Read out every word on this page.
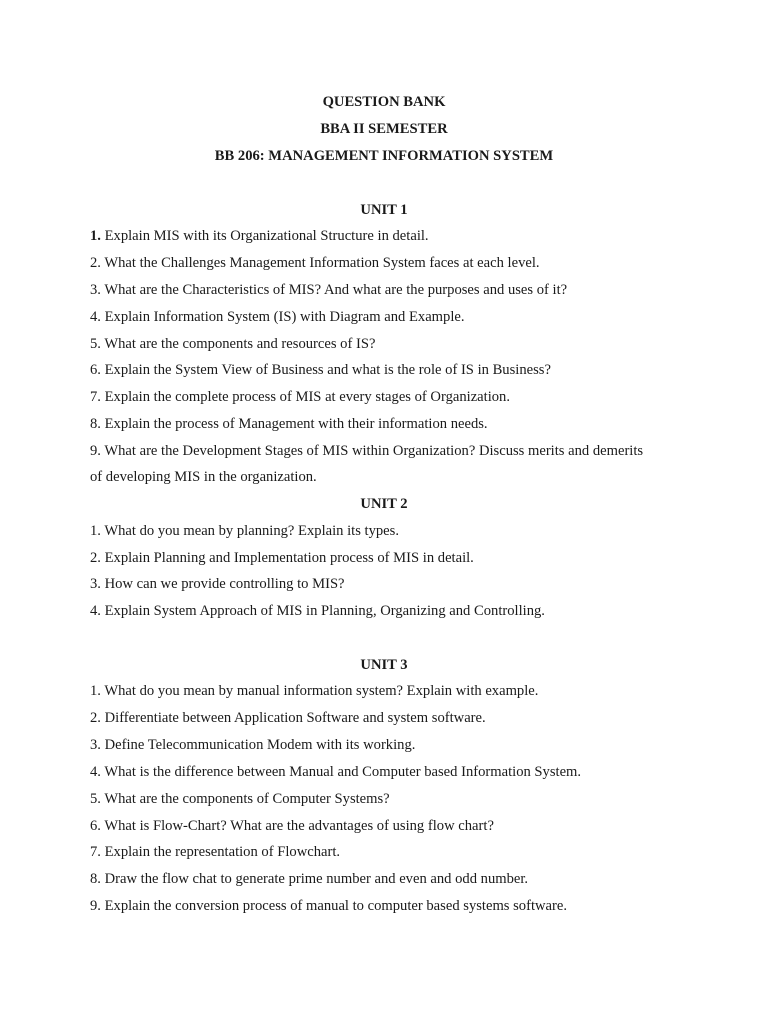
QUESTION BANK
BBA II SEMESTER
BB 206: MANAGEMENT INFORMATION SYSTEM
UNIT 1
1. Explain MIS with its Organizational Structure in detail.
2. What the Challenges Management Information System faces at each level.
3. What are the Characteristics of MIS? And what are the purposes and uses of it?
4. Explain Information System (IS) with Diagram and Example.
5. What are the components and resources of IS?
6. Explain the System View of Business and what is the role of IS in Business?
7. Explain the complete process of MIS at every stages of Organization.
8. Explain the process of Management with their information needs.
9. What are the Development Stages of MIS within Organization? Discuss merits and demerits
of developing MIS in the organization.
UNIT 2
1. What do you mean by planning? Explain its types.
2. Explain Planning and Implementation process of MIS in detail.
3. How can we provide controlling to MIS?
4. Explain System Approach of MIS in Planning, Organizing and Controlling.
UNIT 3
1. What do you mean by manual information system? Explain with example.
2. Differentiate between Application Software and system software.
3. Define Telecommunication Modem with its working.
4. What is the difference between Manual and Computer based Information System.
5. What are the components of Computer Systems?
6. What is Flow-Chart? What are the advantages of using flow chart?
7. Explain the representation of Flowchart.
8. Draw the flow chat to generate prime number and even and odd number.
9. Explain the conversion process of manual to computer based systems software.
